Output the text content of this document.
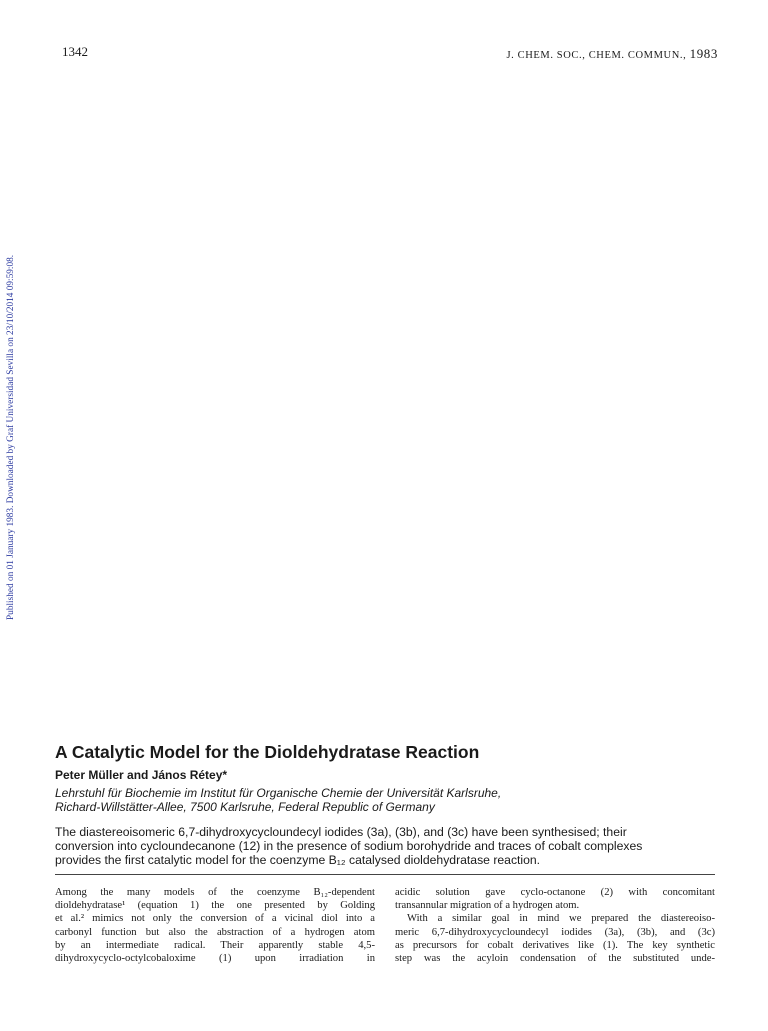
1342	J. CHEM. SOC., CHEM. COMMUN., 1983
Published on 01 January 1983. Downloaded by Graf Universidad Sevilla on 23/10/2014 09:59:08.
A Catalytic Model for the Dioldehydratase Reaction
Peter Müller and János Rétey*
Lehrstuhl für Biochemie im Institut für Organische Chemie der Universität Karlsruhe,
Richard-Willstätter-Allee, 7500 Karlsruhe, Federal Republic of Germany
The diastereoisomeric 6,7-dihydroxycycloundecyl iodides (3a), (3b), and (3c) have been synthesised; their
conversion into cycloundecanone (12) in the presence of sodium borohydride and traces of cobalt complexes
provides the first catalytic model for the coenzyme B₁₂ catalysed dioldehydratase reaction.
Among the many models of the coenzyme B₁₂-dependent
dioldehydratase¹ (equation 1) the one presented by Golding
et al.² mimics not only the conversion of a vicinal diol into a
carbonyl function but also the abstraction of a hydrogen atom
by an intermediate radical. Their apparently stable 4,5-
dihydroxycyclo-octylcobaloxime (1) upon irradiation in
acidic solution gave cyclo-octanone (2) with concomitant
transannular migration of a hydrogen atom.
With a similar goal in mind we prepared the diastereoiso-
meric 6,7-dihydroxycycloundecyl iodides (3a), (3b), and (3c)
as precursors for cobalt derivatives like (1). The key synthetic
step was the acyloin condensation of the substituted unde-
